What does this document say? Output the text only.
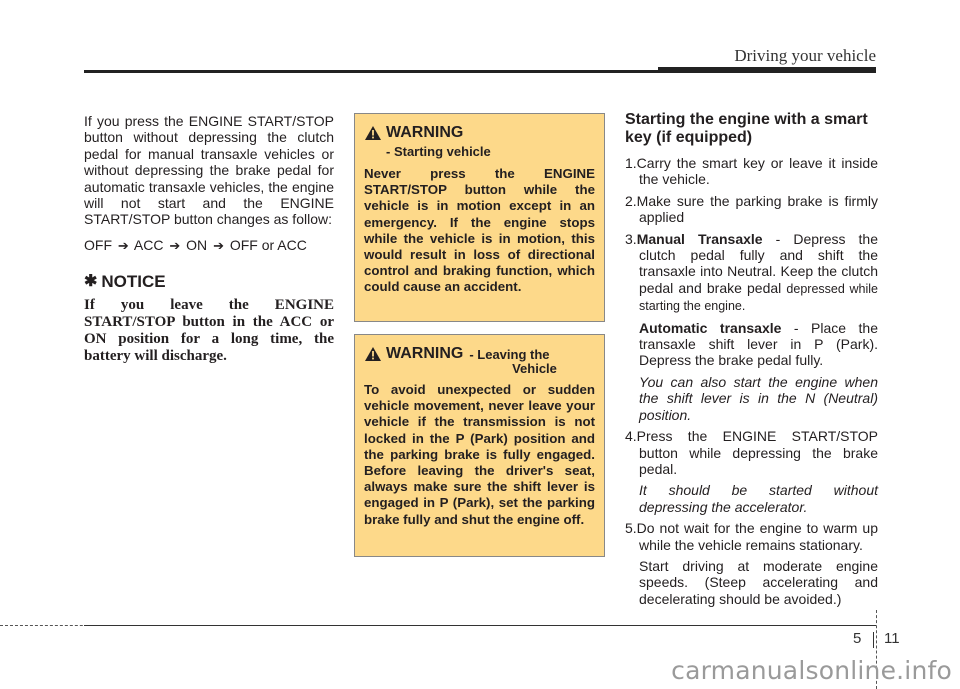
Driving your vehicle

If you press the ENGINE START/STOP button without depressing the clutch pedal for manual transaxle vehicles or without depressing the brake pedal for automatic transaxle vehicles, the engine will not start and the ENGINE START/STOP button changes as follow:

OFF ➔ ACC ➔ ON ➔ OFF or ACC
✱ NOTICE

If you leave the ENGINE START/STOP button in the ACC or ON position for a long time, the battery will discharge.

WARNING
- Starting vehicle

Never press the ENGINE START/STOP button while the vehicle is in motion except in an emergency. If the engine stops while the vehicle is in motion, this would result in loss of directional control and braking function, which could cause an accident.

WARNING - Leaving the
Vehicle

To avoid unexpected or sudden vehicle movement, never leave your vehicle if the transmission is not locked in the P (Park) position and the parking brake is fully engaged. Before leaving the driver's seat, always make sure the shift lever is engaged in P (Park), set the parking brake fully and shut the engine off.

Starting the engine with a smart key (if equipped)

1.Carry the smart key or leave it inside the vehicle.

2.Make sure the parking brake is firmly applied

3.Manual Transaxle - Depress the clutch pedal fully and shift the transaxle into Neutral. Keep the clutch pedal and brake pedal depressed while starting the engine.

Automatic transaxle - Place the transaxle shift lever in P (Park). Depress the brake pedal fully.

You can also start the engine when the shift lever is in the N (Neutral) position.

4.Press the ENGINE START/STOP button while depressing the brake pedal.

It should be started without depressing the accelerator.

5.Do not wait for the engine to warm up while the vehicle remains stationary.

Start driving at moderate engine speeds. (Steep accelerating and decelerating should be avoided.)

5 11
carmanualsonline.info
